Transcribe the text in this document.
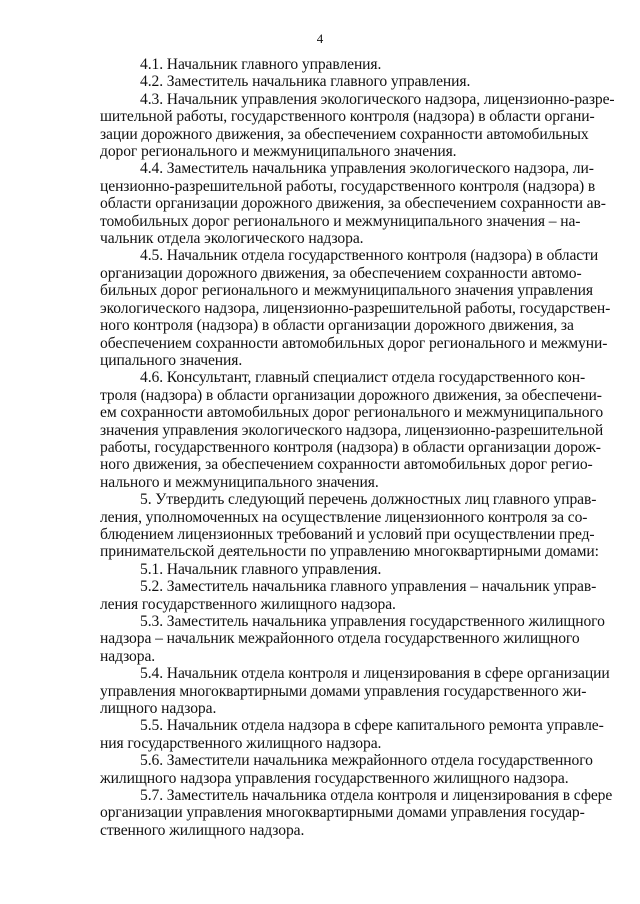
4

4.1. Начальник главного управления.

4.2. Заместитель начальника главного управления.

4.3. Начальник управления экологического надзора, лицензионно-разре-
шительной работы, государственного контроля (надзора) в области органи-
зации дорожного движения, за обеспечением сохранности автомобильных
дорог регионального и межмуниципального значения.

4.4. Заместитель начальника управления экологического надзора, ли-
цензионно-разрешительной работы, государственного контроля (надзора) в
области организации дорожного движения, за обеспечением сохранности ав-
томобильных дорог регионального и межмуниципального значения – на-
чальник отдела экологического надзора.

4.5. Начальник отдела государственного контроля (надзора) в области
организации дорожного движения, за обеспечением сохранности автомо-
бильных дорог регионального и межмуниципального значения управления
экологического надзора, лицензионно-разрешительной работы, государствен-
ного контроля (надзора) в области организации дорожного движения, за
обеспечением сохранности автомобильных дорог регионального и межмуни-
ципального значения.

4.6. Консультант, главный специалист отдела государственного кон-
троля (надзора) в области организации дорожного движения, за обеспечени-
ем сохранности автомобильных дорог регионального и межмуниципального
значения управления экологического надзора, лицензионно-разрешительной
работы, государственного контроля (надзора) в области организации дорож-
ного движения, за обеспечением сохранности автомобильных дорог регио-
нального и межмуниципального значения.

5. Утвердить следующий перечень должностных лиц главного управ-
ления, уполномоченных на осуществление лицензионного контроля за со-
блюдением лицензионных требований и условий при осуществлении пред-
принимательской деятельности по управлению многоквартирными домами:

5.1. Начальник главного управления.

5.2. Заместитель начальника главного управления – начальник управ-
ления государственного жилищного надзора.

5.3. Заместитель начальника управления государственного жилищного
надзора – начальник межрайонного отдела государственного жилищного
надзора.

5.4. Начальник отдела контроля и лицензирования в сфере организации
управления многоквартирными домами управления государственного жи-
лищного надзора.

5.5. Начальник отдела надзора в сфере капитального ремонта управле-
ния государственного жилищного надзора.

5.6. Заместители начальника межрайонного отдела государственного
жилищного надзора управления государственного жилищного надзора.

5.7. Заместитель начальника отдела контроля и лицензирования в сфере
организации управления многоквартирными домами управления государ-
ственного жилищного надзора.
